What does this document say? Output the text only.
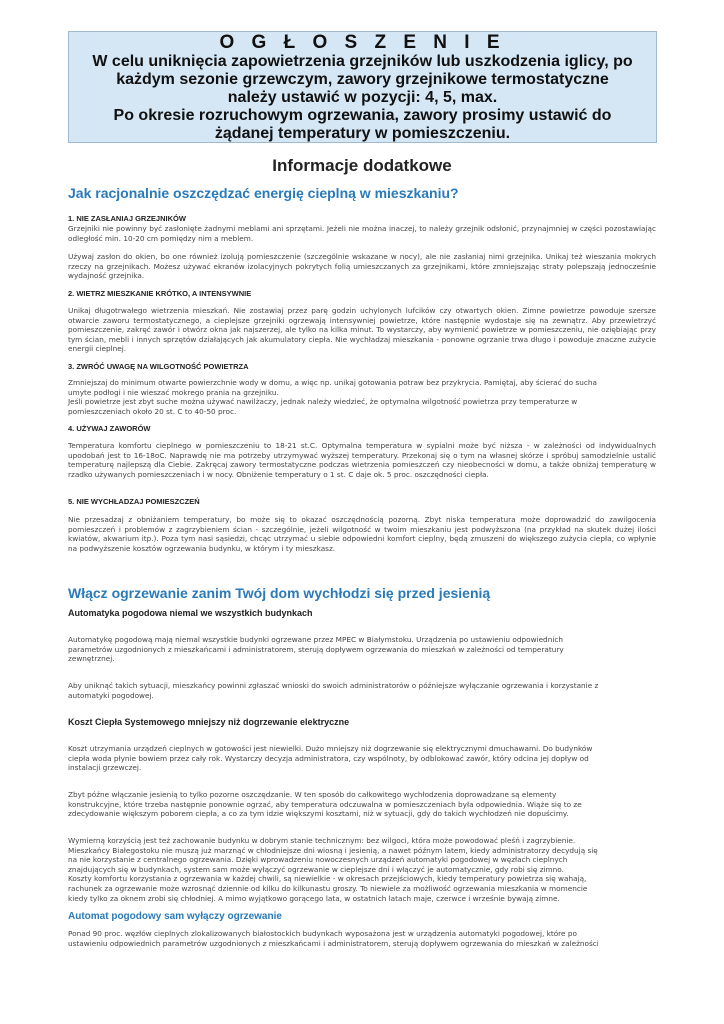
O G Ł O S Z E N I E
W celu uniknięcia zapowietrzenia grzejników lub uszkodzenia iglicy, po
każdym sezonie grzewczym, zawory grzejnikowe termostatyczne
należy ustawić w pozycji: 4, 5, max.
Po okresie rozruchowym ogrzewania, zawory prosimy ustawić do
żądanej temperatury w pomieszczeniu.
Informacje dodatkowe
Jak racjonalnie oszczędzać energię cieplną w mieszkaniu?
1. NIE ZASŁANIAJ GRZEJNIKÓW

Grzejniki nie powinny być zasłonięte żadnymi meblami ani sprzętami. Jeżeli nie można inaczej, to należy grzejnik odsłonić, przynajmniej w części pozostawiając odległość min. 10-20 cm pomiędzy nim a meblem.

Używaj zasłon do okien, bo one również izolują pomieszczenie (szczególnie wskazane w nocy), ale nie zasłaniaj nimi grzejnika. Unikaj też wieszania mokrych rzeczy na grzejnikach. Możesz używać ekranów izolacyjnych pokrytych folią umieszczanych za grzejnikami, które zmniejszając straty polepszają jednocześnie wydajność grzejnika.

2. WIETRZ MIESZKANIE KRÓTKO, A INTENSYWNIE

Unikaj długotrwałego wietrzenia mieszkań. Nie zostawiaj przez parę godzin uchylonych lufcików czy otwartych okien. Zimne powietrze powoduje szersze otwarcie zaworu termostatycznego, a cieplejsze grzejniki ogrzewają intensywniej powietrze, które następnie wydostaje się na zewnątrz. Aby przewietrzyć pomieszczenie, zakręć zawór i otwórz okna jak najszerzej, ale tylko na kilka minut. To wystarczy, aby wymienić powietrze w pomieszczeniu, nie oziębiając przy tym ścian, mebli i innych sprzętów działających jak akumulatory ciepła. Nie wychładzaj mieszkania - ponowne ogrzanie trwa długo i powoduje znaczne zużycie energii cieplnej.

3. ZWRÓĆ UWAGĘ NA WILGOTNOŚĆ POWIETRZA

Zmniejszaj do minimum otwarte powierzchnie wody w domu, a więc np. unikaj gotowania potraw bez przykrycia. Pamiętaj, aby ścierać do sucha
umyte podłogi i nie wieszać mokrego prania na grzejniku.
Jeśli powietrze jest zbyt suche można używać nawilżaczy, jednak należy wiedzieć, że optymalna wilgotność powietrza przy temperaturze w
pomieszczeniach około 20 st. C to 40-50 proc.

4. UŻYWAJ ZAWORÓW

Temperatura komfortu cieplnego w pomieszczeniu to 18-21 st.C. Optymalna temperatura w sypialni może być niższa - w zależności od indywidualnych upodobań jest to 16-18oC. Naprawdę nie ma potrzeby utrzymywać wyższej temperatury. Przekonaj się o tym na własnej skórze i spróbuj samodzielnie ustalić temperaturę najlepszą dla Ciebie. Zakręcaj zawory termostatyczne podczas wietrzenia pomieszczeń czy nieobecności w domu, a także obniżaj temperaturę w rzadko używanych pomieszczeniach i w nocy. Obniżenie temperatury o 1 st. C daje ok. 5 proc. oszczędności ciepła.

5. NIE WYCHŁADZAJ POMIESZCZEŃ

Nie przesadzaj z obniżaniem temperatury, bo może się to okazać oszczędnością pozorną. Zbyt niska temperatura może doprowadzić do zawilgocenia pomieszczeń i problemów z zagrzybieniem ścian - szczególnie, jeżeli wilgotność w twoim mieszkaniu jest podwyższona (na przykład na skutek dużej ilości kwiatów, akwarium itp.). Poza tym nasi sąsiedzi, chcąc utrzymać u siebie odpowiedni komfort cieplny, będą zmuszeni do większego zużycia ciepła, co wpłynie na podwyższenie kosztów ogrzewania budynku, w którym i ty mieszkasz.

Włącz ogrzewanie zanim Twój dom wychłodzi się przed jesienią
Automatyka pogodowa niemal we wszystkich budynkach

Automatykę pogodową mają niemal wszystkie budynki ogrzewane przez MPEC w Białymstoku. Urządzenia po ustawieniu odpowiednich
parametrów uzgodnionych z mieszkańcami i administratorem, sterują dopływem ogrzewania do mieszkań w zależności od temperatury
zewnętrznej.

Aby uniknąć takich sytuacji, mieszkańcy powinni zgłaszać wnioski do swoich administratorów o późniejsze wyłączanie ogrzewania i korzystanie z
automatyki pogodowej.

Koszt Ciepła Systemowego mniejszy niż dogrzewanie elektryczne

Koszt utrzymania urządzeń cieplnych w gotowości jest niewielki. Dużo mniejszy niż dogrzewanie się elektrycznymi dmuchawami. Do budynków
ciepła woda płynie bowiem przez cały rok. Wystarczy decyzja administratora, czy wspólnoty, by odblokować zawór, który odcina jej dopływ od
instalacji grzewczej.

Zbyt późne włączanie jesienią to tylko pozorne oszczędzanie. W ten sposób do całkowitego wychłodzenia doprowadzane są elementy
konstrukcyjne, które trzeba następnie ponownie ogrzać, aby temperatura odczuwalna w pomieszczeniach była odpowiednia. Wiąże się to ze
zdecydowanie większym poborem ciepła, a co za tym idzie większymi kosztami, niż w sytuacji, gdy do takich wychłodzeń nie dopuścimy.

Wymierną korzyścią jest też zachowanie budynku w dobrym stanie technicznym: bez wilgoci, która może powodować pleśń i zagrzybienie.
Mieszkańcy Białegostoku nie muszą już marznąć w chłodniejsze dni wiosną i jesienią, a nawet późnym latem, kiedy administratorzy decydują się
na nie korzystanie z centralnego ogrzewania. Dzięki wprowadzeniu nowoczesnych urządzeń automatyki pogodowej w węzłach cieplnych
znajdujących się w budynkach, system sam może wyłączyć ogrzewanie w cieplejsze dni i włączyć je automatycznie, gdy robi się zimno.
Koszty komfortu korzystania z ogrzewania w każdej chwili, są niewielkie - w okresach przejściowych, kiedy temperatury powietrza się wahają,
rachunek za ogrzewanie może wzrosnąć dziennie od kilku do kilkunastu groszy. To niewiele za możliwość ogrzewania mieszkania w momencie
kiedy tylko za oknem zrobi się chłodniej. A mimo wyjątkowo gorącego lata, w ostatnich latach maje, czerwce i wrześnie bywają zimne.

Automat pogodowy sam wyłączy ogrzewanie

Ponad 90 proc. węzłów cieplnych zlokalizowanych białostockich budynkach wyposażona jest w urządzenia automatyki pogodowej, które po
ustawieniu odpowiednich parametrów uzgodnionych z mieszkańcami i administratorem, sterują dopływem ogrzewania do mieszkań w zależności
